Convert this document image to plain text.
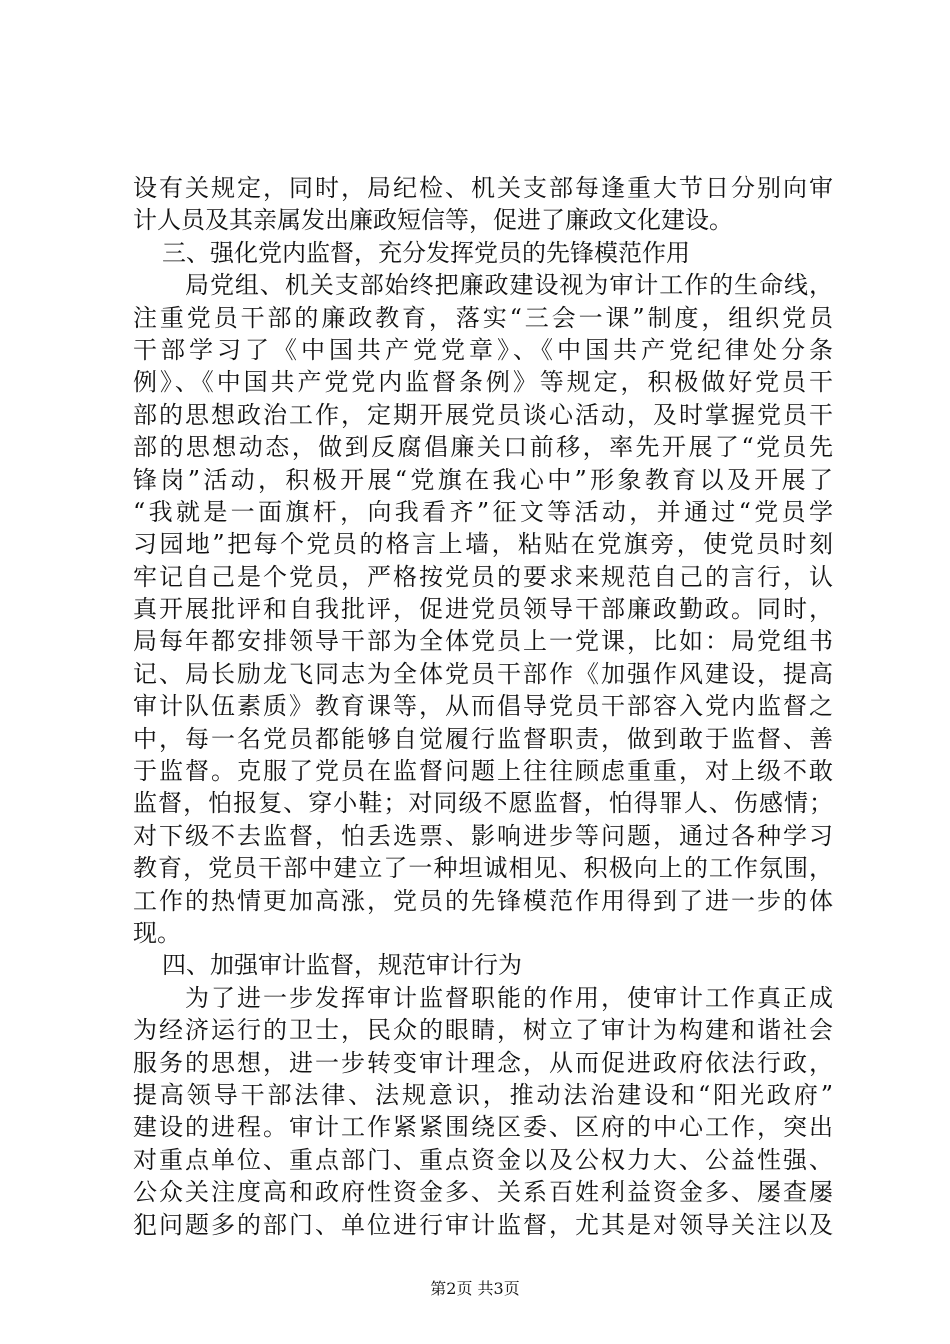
设有关规定，同时，局纪检、机关支部每逢重大节日分别向审
计人员及其亲属发出廉政短信等，促进了廉政文化建设。
三、强化党内监督，充分发挥党员的先锋模范作用
局党组、机关支部始终把廉政建设视为审计工作的生命线，
注重党员干部的廉政教育，落实“三会一课”制度，组织党员
干部学习了《中国共产党党章》、《中国共产党纪律处分条
例》、《中国共产党党内监督条例》等规定，积极做好党员干
部的思想政治工作，定期开展党员谈心活动，及时掌握党员干
部的思想动态，做到反腐倡廉关口前移，率先开展了“党员先
锋岗”活动，积极开展“党旗在我心中”形象教育以及开展了
“我就是一面旗杆，向我看齐”征文等活动，并通过“党员学
习园地”把每个党员的格言上墙，粘贴在党旗旁，使党员时刻
牢记自己是个党员，严格按党员的要求来规范自己的言行，认
真开展批评和自我批评，促进党员领导干部廉政勤政。同时，
局每年都安排领导干部为全体党员上一党课，比如：局党组书
记、局长励龙飞同志为全体党员干部作《加强作风建设，提高
审计队伍素质》教育课等，从而倡导党员干部容入党内监督之
中，每一名党员都能够自觉履行监督职责，做到敢于监督、善
于监督。克服了党员在监督问题上往往顾虑重重，对上级不敢
监督，怕报复、穿小鞋；对同级不愿监督，怕得罪人、伤感情；
对下级不去监督，怕丢选票、影响进步等问题，通过各种学习
教育，党员干部中建立了一种坦诚相见、积极向上的工作氛围，
工作的热情更加高涨，党员的先锋模范作用得到了进一步的体
现。
四、加强审计监督，规范审计行为
为了进一步发挥审计监督职能的作用，使审计工作真正成
为经济运行的卫士，民众的眼睛，树立了审计为构建和谐社会
服务的思想，进一步转变审计理念，从而促进政府依法行政，
提高领导干部法律、法规意识，推动法治建设和“阳光政府”
建设的进程。审计工作紧紧围绕区委、区府的中心工作，突出
对重点单位、重点部门、重点资金以及公权力大、公益性强、
公众关注度高和政府性资金多、关系百姓利益资金多、屡查屡
犯问题多的部门、单位进行审计监督，尤其是对领导关注以及
第2页 共3页
